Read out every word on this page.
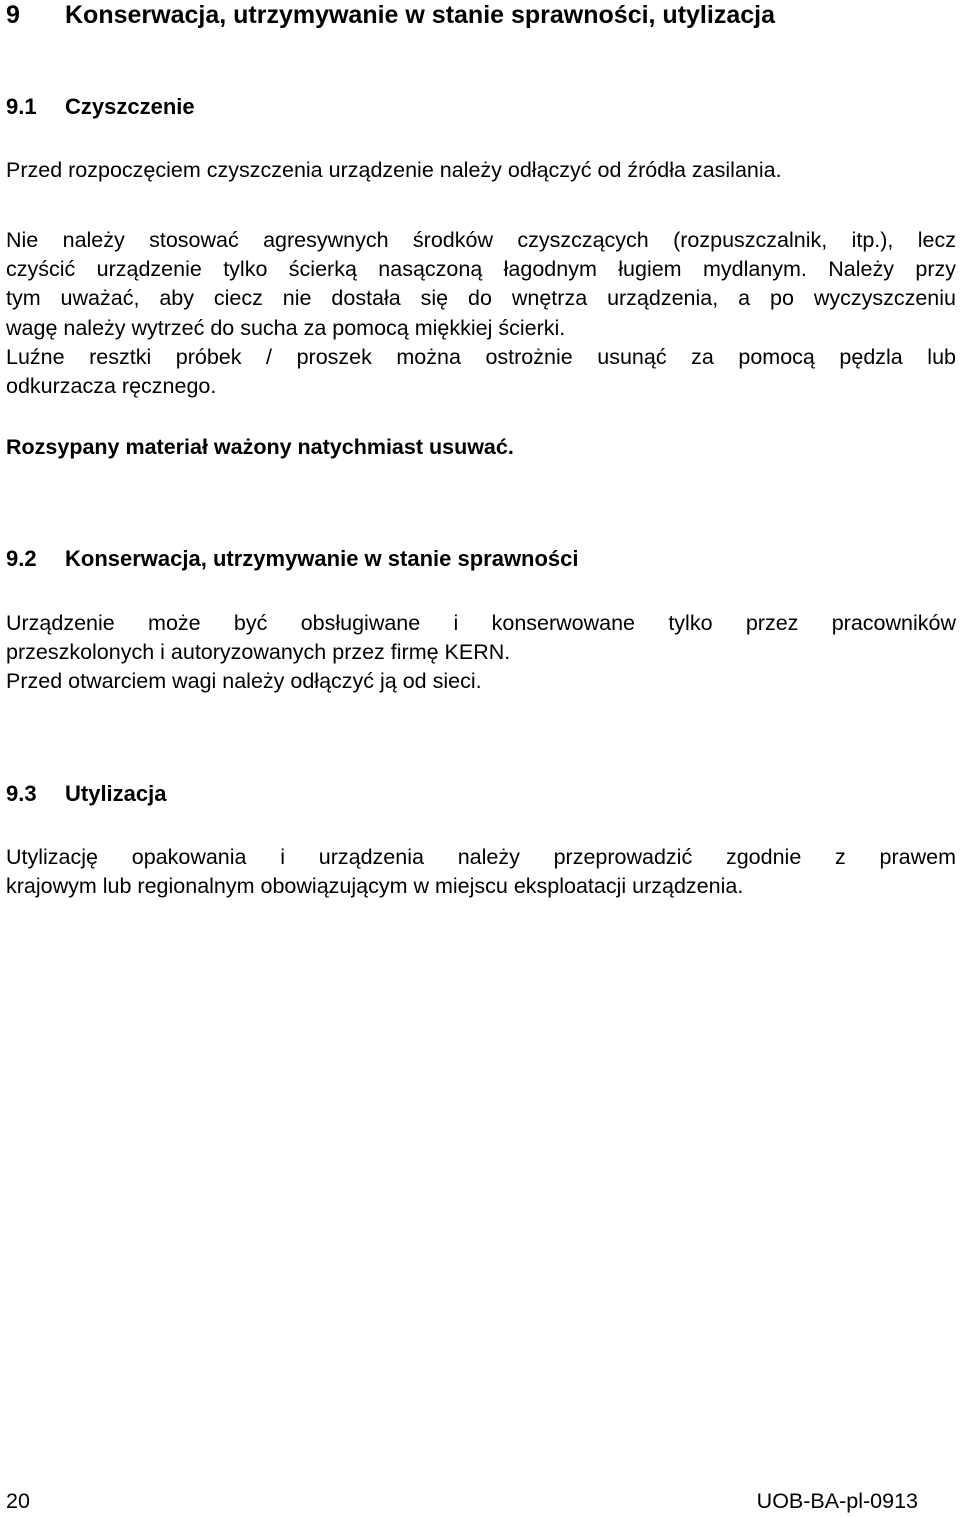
9 Konserwacja, utrzymywanie w stanie sprawności, utylizacja
9.1 Czyszczenie

Przed rozpoczęciem czyszczenia urządzenie należy odłączyć od źródła zasilania.

Nie należy stosować agresywnych środków czyszczących (rozpuszczalnik, itp.), lecz
czyścić urządzenie tylko ścierką nasączoną łagodnym ługiem mydlanym. Należy przy
tym uważać, aby ciecz nie dostała się do wnętrza urządzenia, a po wyczyszczeniu
wagę należy wytrzeć do sucha za pomocą miękkiej ścierki.
Luźne resztki próbek / proszek można ostrożnie usunąć za pomocą pędzla lub
odkurzacza ręcznego.

Rozsypany materiał ważony natychmiast usuwać.

9.2 Konserwacja, utrzymywanie w stanie sprawności
Urządzenie może być obsługiwane i konserwowane tylko przez pracowników
przeszkolonych i autoryzowanych przez firmę KERN.
Przed otwarciem wagi należy odłączyć ją od sieci.
9.3 Utylizacja
Utylizację opakowania i urządzenia należy przeprowadzić zgodnie z prawem
krajowym lub regionalnym obowiązującym w miejscu eksploatacji urządzenia.
20	UOB-BA-pl-0913
